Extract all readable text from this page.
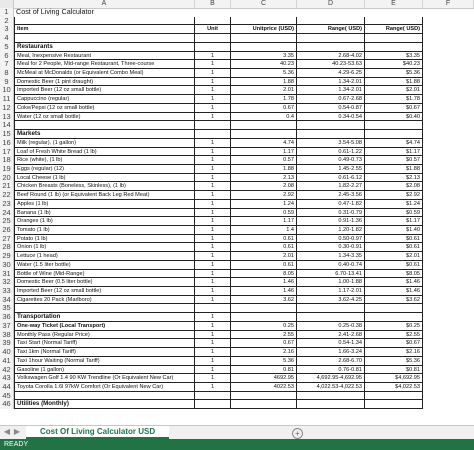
A	B	C	D	E	F
1	Cost of Living Calculator
2
3	Item	Unit	Unitprice (USD)	Range( USD)	Range( USD)
4
5	Restaurants
6	Meal, Inexpensive Restaurant	1	3.35	2.68-4.02	$3.35
7	Meal for 2 People, Mid-range Restaurant, Three-course	1	40.23	40.23-53.63	$40.23
8	McMeal at McDonalds (or Equivalent Combo Meal)	1	5.36	4.29-6.25	$5.36
9	Domestic Beer (1 pint draught)	1	1.88	1.34-2.01	$1.88
10	Imported Beer (12 oz small bottle)	1	2.01	1.34-2.01	$2.01
11	Cappuccino (regular)	1	1.78	0.67-2.68	$1.78
12	Coke/Pepsi (12 oz small bottle)	1	0.67	0.54-0.87	$0.67
13	Water (12 oz small bottle)	1	0.4	0.34-0.54	$0.40
14
15	Markets
16	Milk (regular), (1 gallon)	1	4.74	3.54-5.08	$4.74
17	Loaf of Fresh White Bread (1 lb)	1	1.17	0.61-1.22	$1.17
18	Rice (white), (1 lb)	1	0.57	0.49-0.73	$0.57
19	Eggs (regular) (12)	1	1.88	1.45-2.55	$1.88
20	Local Cheese (1 lb)	1	2.13	0.61-6.12	$2.13
21	Chicken Breasts (Boneless, Skinless), (1 lb)	1	2.08	1.82-2.27	$2.08
22	Beef Round (1 lb) (or Equivalent Back Leg Red Meat)	1	2.92	2.45-3.56	$2.92
23	Apples (1 lb)	1	1.24	0.47-1.82	$1.24
24	Banana (1 lb)	1	0.59	0.31-0.79	$0.59
25	Oranges (1 lb)	1	1.17	0.91-1.36	$1.17
26	Tomato (1 lb)	1	1.4	1.20-1.82	$1.40
27	Potato (1 lb)	1	0.61	0.50-0.97	$0.61
28	Onion (1 lb)	1	0.61	0.30-0.91	$0.61
29	Lettuce (1 head)	1	2.01	1.34-3.35	$2.01
30	Water (1.5 liter bottle)	1	0.61	0.40-0.74	$0.61
31	Bottle of Wine (Mid-Range)	1	8.05	6.70-13.41	$8.05
32	Domestic Beer (0.5 liter bottle)	1	1.46	1.00-1.88	$1.46
33	Imported Beer (12 oz small bottle)	1	1.46	1.17-2.01	$1.46
34	Cigarettes 20 Pack (Marlboro)	1	3.62	3.62-4.25	$3.62
35
36	Transportation	1
37	One-way Ticket (Local Transport)	1	0.25	0.25-0.38	$0.25
38	Monthly Pass (Regular Price)	1	2.55	2.41-2.68	$2.55
39	Taxi Start (Normal Tariff)	1	0.67	0.54-1.34	$0.67
40	Taxi 1km (Normal Tariff)	1	2.16	1.66-3.24	$2.16
41	Taxi 1hour Waiting (Normal Tariff)	1	5.36	2.68-6.70	$5.36
42	Gasoline (1 gallon)	1	0.81	0.76-0.81	$0.81
43	Volkswagen Golf 1.4 90 KW Trendline (Or Equivalent New Car)	1	4692.95	4,692.95-4,692.95	$4,692.95
44	Toyota Corolla 1.6l 97kW Comfort (Or Equivalent New Car)	1	4022.53	4,022.53-4,022.53	$4,022.53
45
46	Utilities (Monthly)
◀ ▶	Cost Of Living Calculator USD	+
READY
